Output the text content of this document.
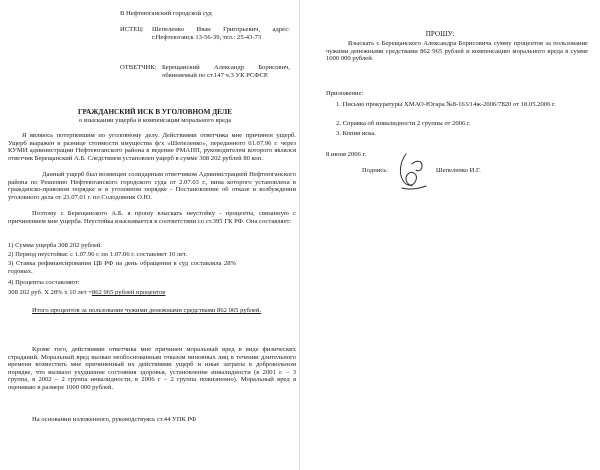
В Нефтеюганский городской суд

ИСТЕЦ:	Шепеленко Иван Григорьевич, адрес: г.Нефтеюганск 13-56-39, тел.: 25-43-73

ОТВЕТЧИК: Берещанский Александр Борисович, обвиняемый по ст.147 ч.3 УК РСФСР.

ГРАЖДАНСКИЙ ИСК В УГОЛОВНОМ ДЕЛЕ

о взыскании ущерба и компенсации морального вреда

Я являюсь потерпевшим по уголовному делу. Действиями ответчика мне причинен ущерб. Ущерб выражен в разнице стоимости имущества ф/х «Шепеленко», переданного 01.07.96 г. через КУМИ администрации Нефтеюганского района в ведение РМАПП, руководителем которого являлся ответчик Берещанский А.Б. Следствием установлен ущерб в сумме 308 202 рублей 80 коп.

Данный ущерб был возмещен солидарным ответчиком Администрацией Нефтеюганского района по Решению Нефтеюганского городского суда от 2.07.03 г., вина которого установлена в гражданско-правовом порядке и в уголовном порядке - Постановление об отказе в возбуждении уголовного дела от 23.07.01 г. по Солодовник О.Ю.

Поэтому с Берещанского А.Б. я прошу взыскать неустойку - проценты, связанную с причинением мне ущерба. Неустойка взыскивается в соответствии со ст.395 ГК РФ. Она составляет:

1) Сумма ущерба 308 202 рублей.

2) Период неустойки: с 1.07.96 г. по 1.07.06 г. составляет 10 лет.

3) Ставка рефинансирования ЦБ РФ на день обращения в суд составляла 28% годовых.

4) Проценты составляют:

308 202 руб. Х 28% х 10 лет =862 965 рублей процентов

Итого процентов за пользование чужими денежными средствами 862 965 рублей.

Кроме того, действиями ответчика мне причинен моральный вред в виде физических страданий. Моральный вред вызван необоснованным отказом виновных лиц в течении длительного времени возместить мне причиненный их действиями ущерб и иные затраты в добровольном порядке, что вызвало ухудшение состояния здоровья, установление инвалидности (в 2001 г. – 3 группа, в 2002 – 2 группа инвалидности, в 2006 г – 2 группа пожизненно). Моральный вред я оцениваю в размере 1000 000 рублей.

На основании изложенного, руководствуясь ст.44 УПК РФ

ПРОШУ:

Взыскать с Берещанского Александра Борисовича сумму процентов за пользование чужими денежными средствами 862 965 рублей и компенсацию морального вреда в сумме 1000 000 рублей.

Приложение:

1. Письмо прокуратуры ХМАО-Югара №8-163/14ж-2006/7820 от 18.05.2006 г.

2. Справка об инвалидности 2 группы от 2006 г.

3. Копия иска.

8 июня 2006 г.

Подпись:	Шепеленко И.Г.
